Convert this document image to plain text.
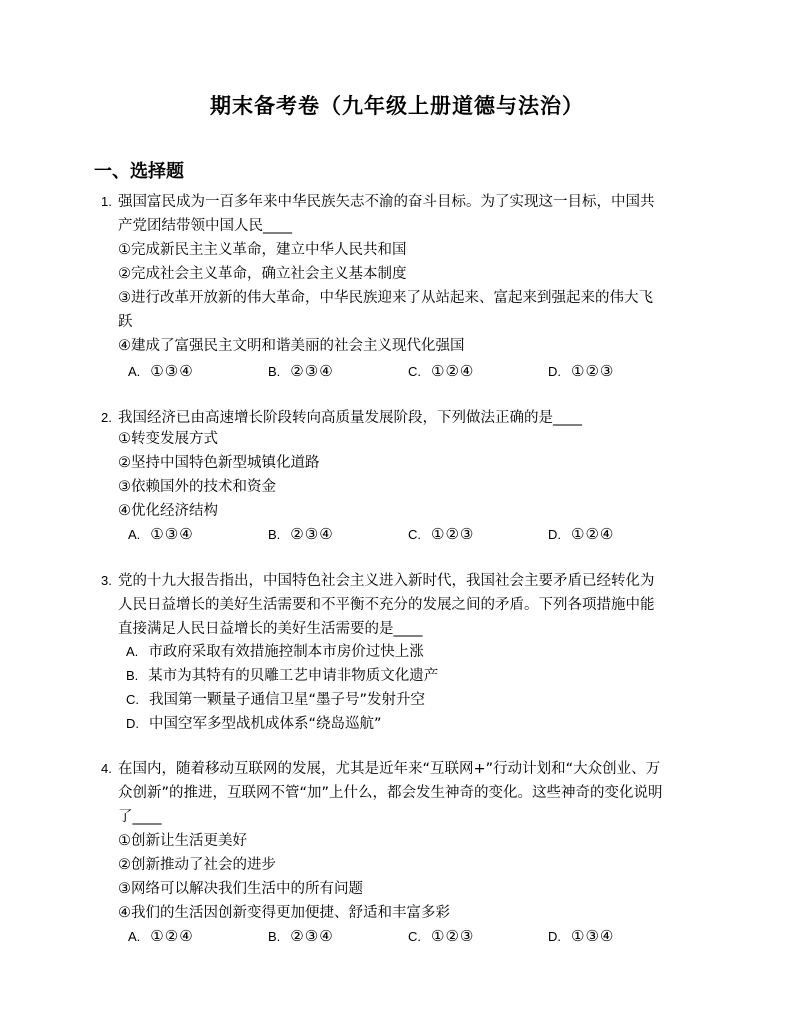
期末备考卷（九年级上册道德与法治）
一、选择题
1. 强国富民成为一百多年来中华民族矢志不渝的奋斗目标。为了实现这一目标，中国共
产党团结带领中国人民____
①完成新民主主义革命，建立中华人民共和国
②完成社会主义革命，确立社会主义基本制度
③进行改革开放新的伟大革命，中华民族迎来了从站起来、富起来到强起来的伟大飞
跃
④建成了富强民主文明和谐美丽的社会主义现代化强国
A. ①③④	B. ②③④	C. ①②④	D. ①②③
2. 我国经济已由高速增长阶段转向高质量发展阶段，下列做法正确的是____
①转变发展方式
②坚持中国特色新型城镇化道路
③依赖国外的技术和资金
④优化经济结构
A. ①③④	B. ②③④	C. ①②③	D. ①②④
3. 党的十九大报告指出，中国特色社会主义进入新时代，我国社会主要矛盾已经转化为
人民日益增长的美好生活需要和不平衡不充分的发展之间的矛盾。下列各项措施中能
直接满足人民日益增长的美好生活需要的是____
A. 市政府采取有效措施控制本市房价过快上涨
B. 某市为其特有的贝雕工艺申请非物质文化遗产
C. 我国第一颗量子通信卫星“墨子号”发射升空
D. 中国空军多型战机成体系“绕岛巡航”
4. 在国内，随着移动互联网的发展，尤其是近年来“互联网+”行动计划和“大众创业、万
众创新”的推进，互联网不管“加”上什么，都会发生神奇的变化。这些神奇的变化说明
了____
①创新让生活更美好
②创新推动了社会的进步
③网络可以解决我们生活中的所有问题
④我们的生活因创新变得更加便捷、舒适和丰富多彩
A. ①②④	B. ②③④	C. ①②③	D. ①③④
